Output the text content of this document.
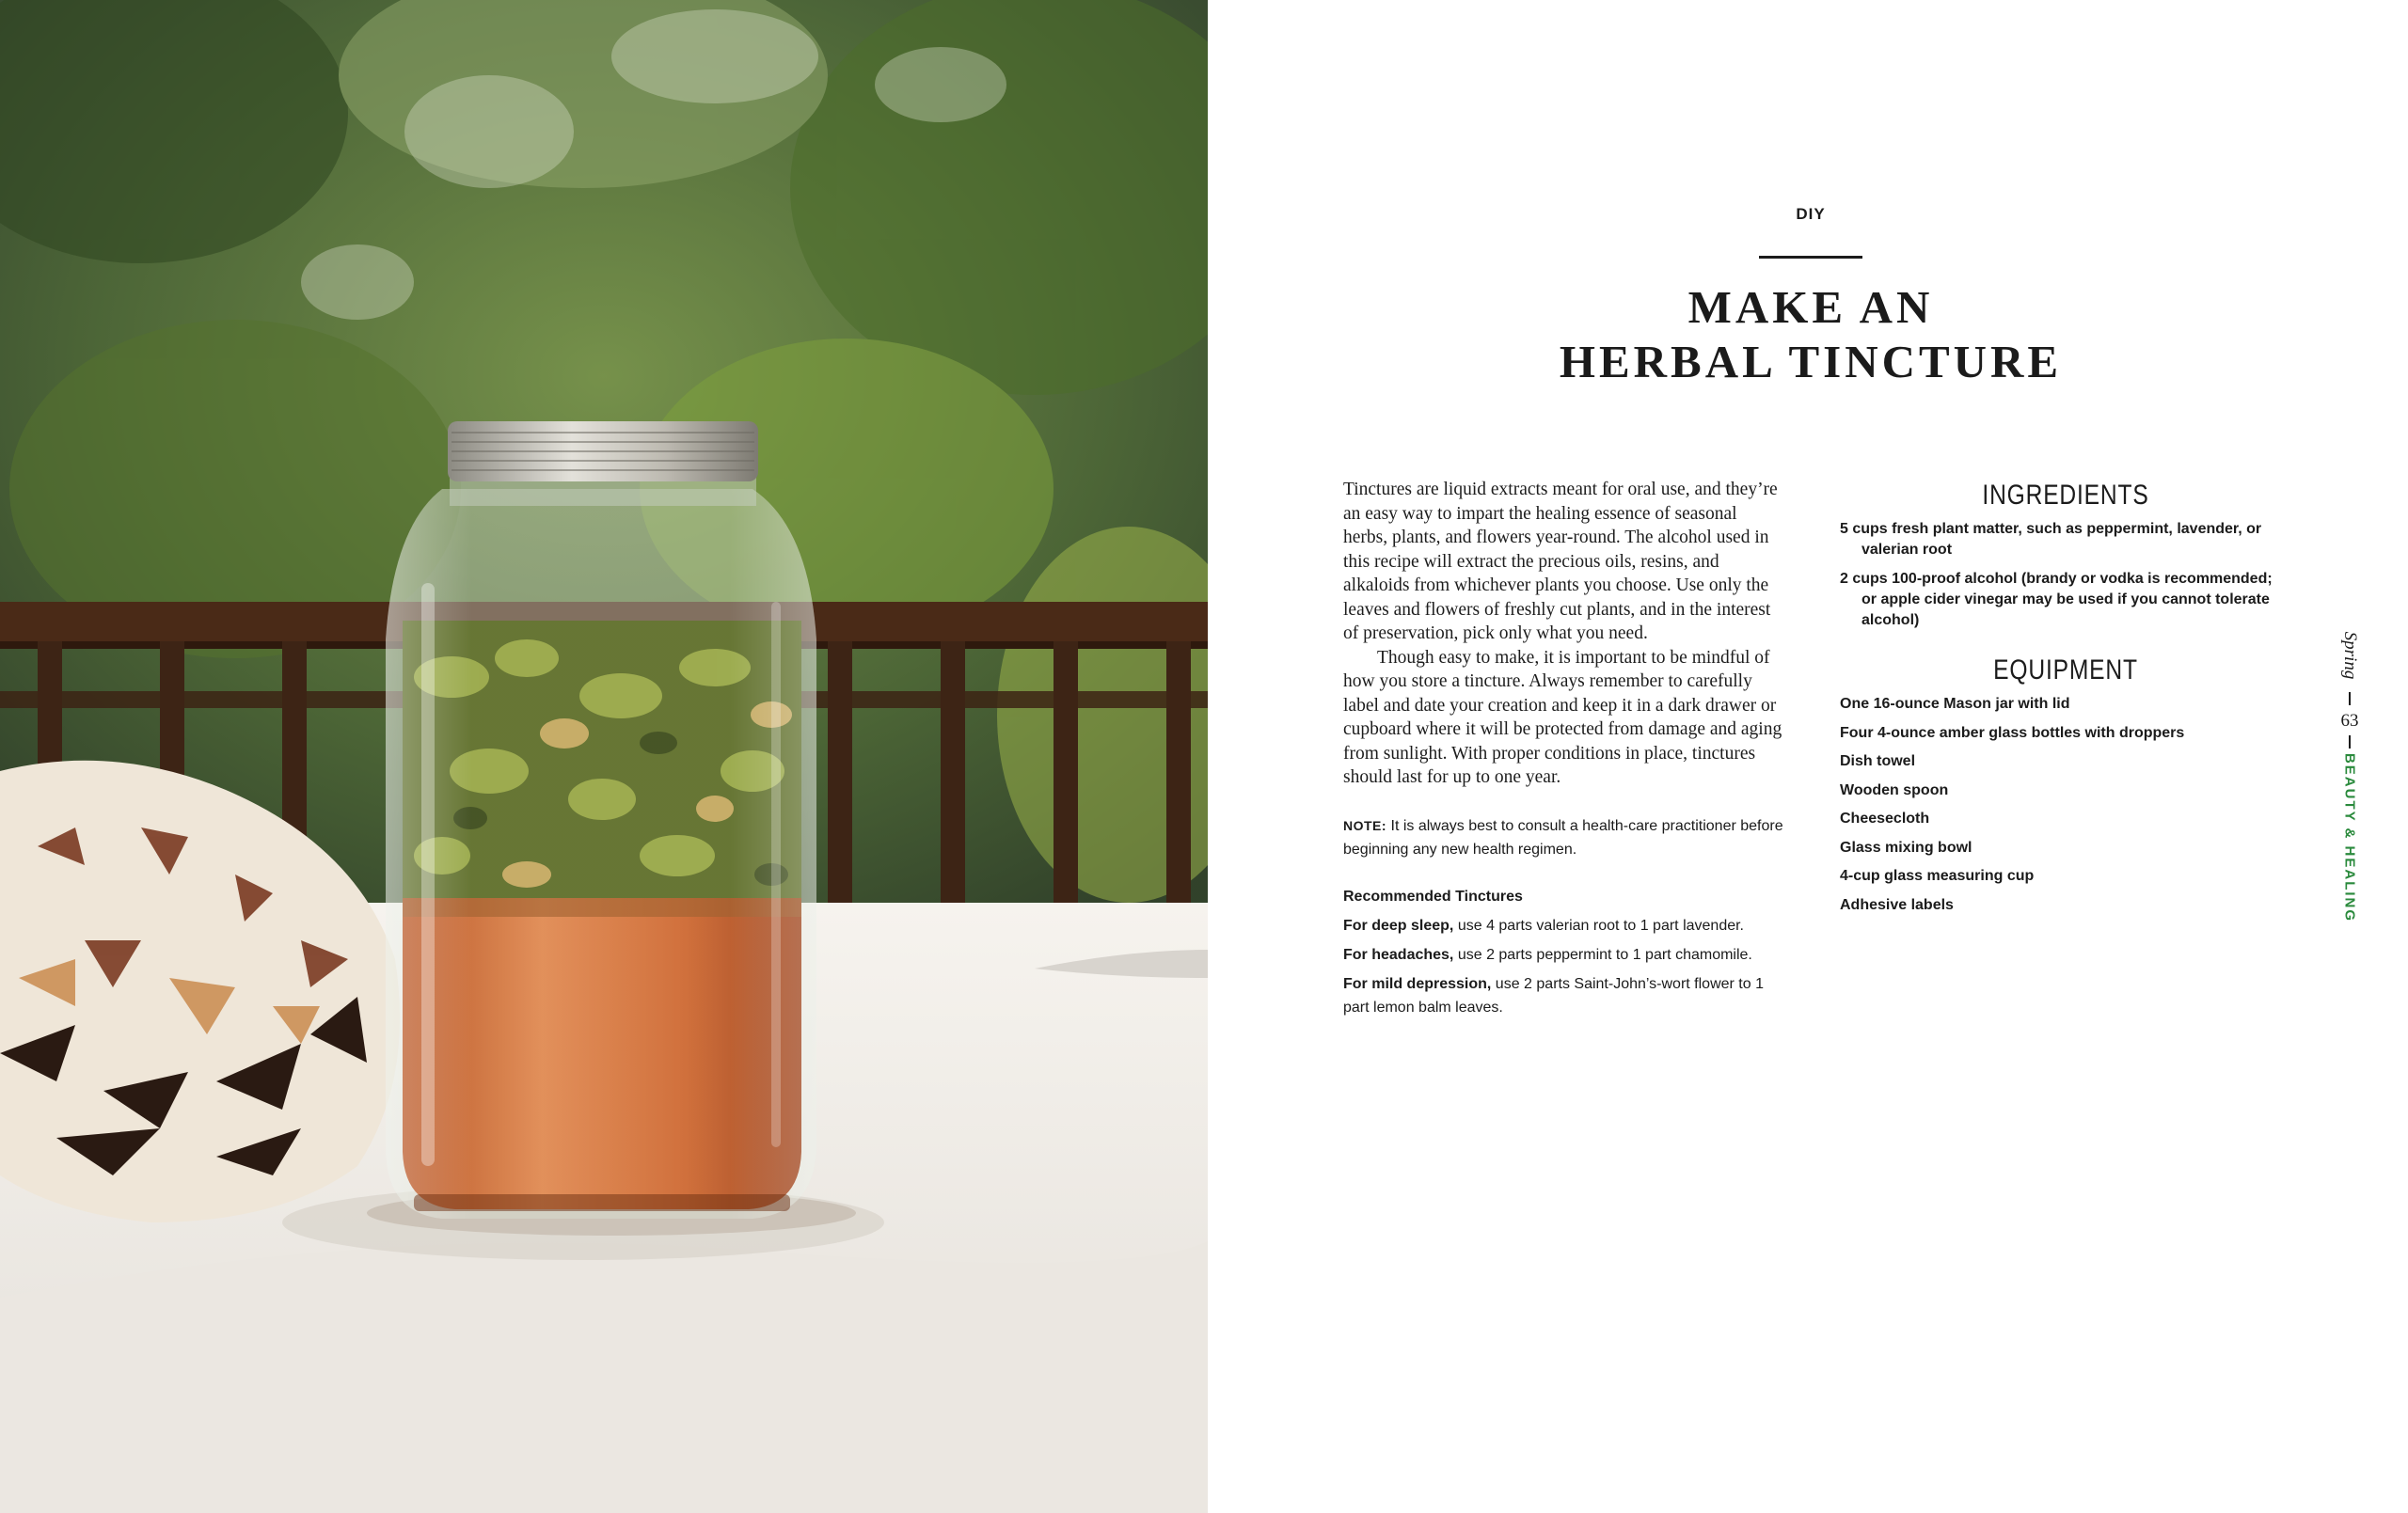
DIY
MAKE AN
HERBAL TINCTURE

Tinctures are liquid extracts meant for oral use, and they’re an easy way to impart the healing essence of seasonal herbs, plants, and flowers year-round. The alcohol used in this recipe will extract the precious oils, resins, and alkaloids from whichever plants you choose. Use only the leaves and flowers of freshly cut plants, and in the interest of preservation, pick only what you need.

Though easy to make, it is important to be mindful of how you store a tincture. Always remember to carefully label and date your creation and keep it in a dark drawer or cupboard where it will be protected from damage and aging from sunlight. With proper conditions in place, tinctures should last for up to one year.

NOTE: It is always best to consult a health-care practitioner before beginning any new health regimen.
Recommended Tinctures
For deep sleep, use 4 parts valerian root to 1 part lavender.
For headaches, use 2 parts peppermint to 1 part chamomile.
For mild depression, use 2 parts Saint-John’s-wort flower to 1 part lemon balm leaves.
INGREDIENTS
5 cups fresh plant matter, such as peppermint, lavender, or valerian root
2 cups 100-proof alcohol (brandy or vodka is recommended; or apple cider vinegar may be used if you cannot tolerate alcohol)
EQUIPMENT
One 16-ounce Mason jar with lid
Four 4-ounce amber glass bottles with droppers
Dish towel
Wooden spoon
Cheesecloth
Glass mixing bowl
4-cup glass measuring cup
Adhesive labels
Spring
63
BEAUTY & HEALING
